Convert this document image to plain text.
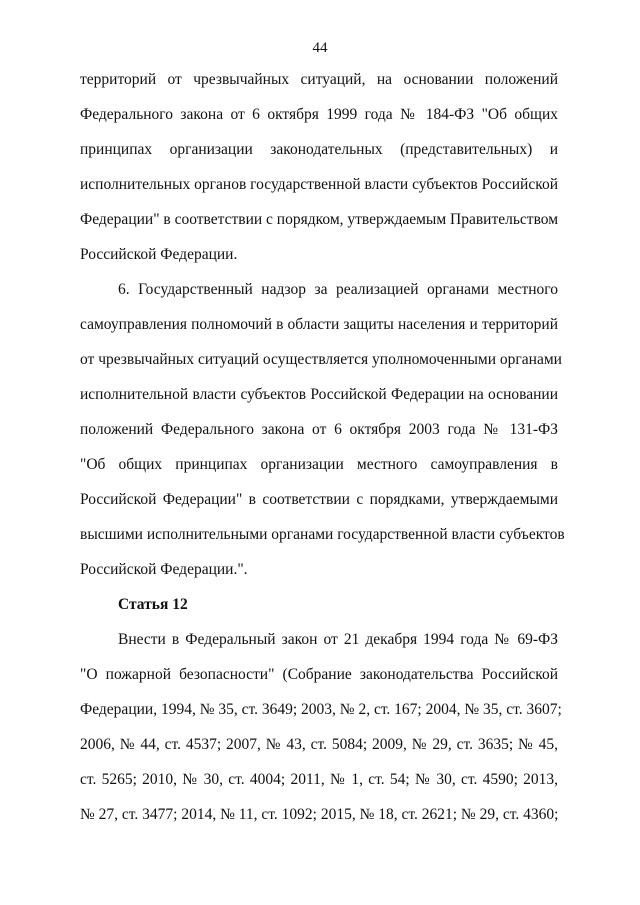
44
территорий от чрезвычайных ситуаций, на основании положений
Федерального закона от 6 октября 1999 года № 184-ФЗ "Об общих
принципах организации законодательных (представительных) и
исполнительных органов государственной власти субъектов Российской
Федерации" в соответствии с порядком, утверждаемым Правительством
Российской Федерации.
6. Государственный надзор за реализацией органами местного
самоуправления полномочий в области защиты населения и территорий
от чрезвычайных ситуаций осуществляется уполномоченными органами
исполнительной власти субъектов Российской Федерации на основании
положений Федерального закона от 6 октября 2003 года № 131-ФЗ
"Об общих принципах организации местного самоуправления в
Российской Федерации" в соответствии с порядками, утверждаемыми
высшими исполнительными органами государственной власти субъектов
Российской Федерации.".
Статья 12
Внести в Федеральный закон от 21 декабря 1994 года № 69-ФЗ
"О пожарной безопасности" (Собрание законодательства Российской
Федерации, 1994, № 35, ст. 3649; 2003, № 2, ст. 167; 2004, № 35, ст. 3607;
2006, № 44, ст. 4537; 2007, № 43, ст. 5084; 2009, № 29, ст. 3635; № 45,
ст. 5265; 2010, № 30, ст. 4004; 2011, № 1, ст. 54; № 30, ст. 4590; 2013,
№ 27, ст. 3477; 2014, № 11, ст. 1092; 2015, № 18, ст. 2621; № 29, ст. 4360;
